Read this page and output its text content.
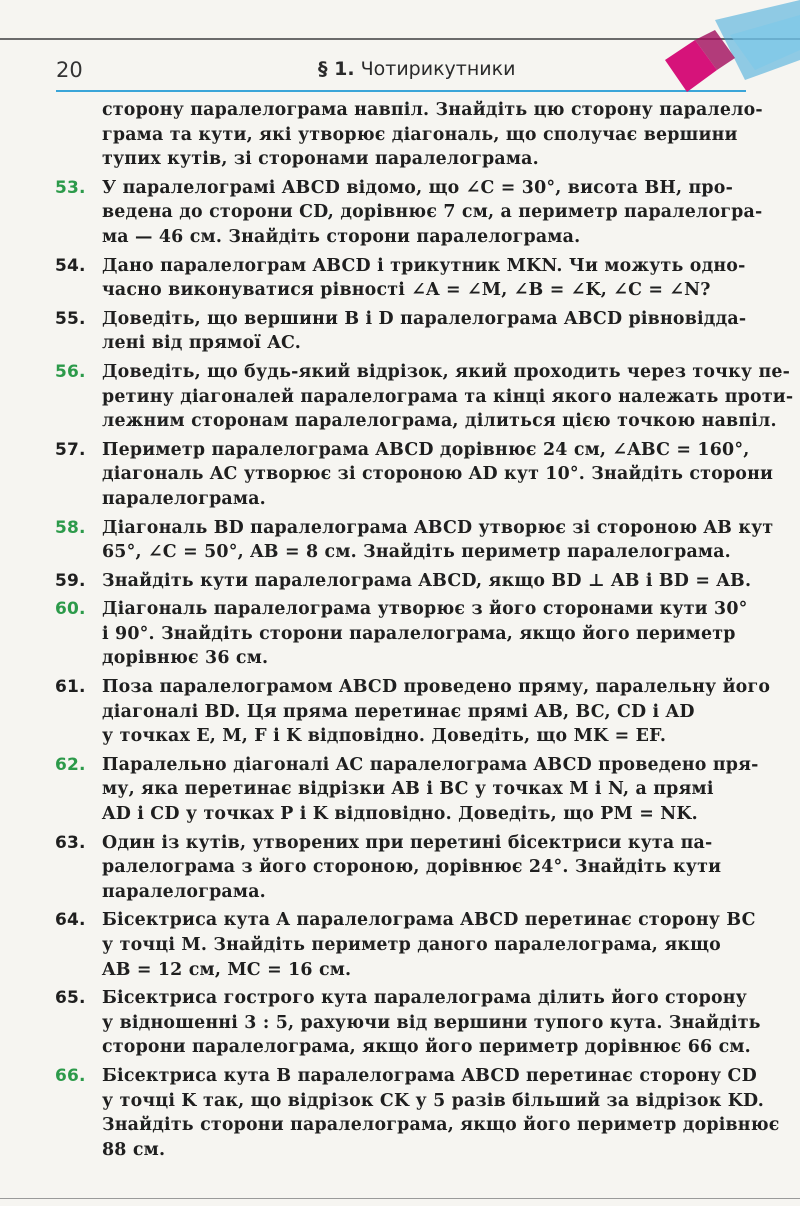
20	§ 1. Чотирикутники
сторону паралелограма навпіл. Знайдіть цю сторону паралело-
грама та кути, які утворює діагональ, що сполучає вершини
тупих кутів, зі сторонами паралелограма.
53. У паралелограмі ABCD відомо, що ∠C = 30°, висота BH, про-
ведена до сторони CD, дорівнює 7 см, а периметр паралелогра-
ма — 46 см. Знайдіть сторони паралелограма.
54. Дано паралелограм ABCD і трикутник MKN. Чи можуть одно-
часно виконуватися рівності ∠A = ∠M, ∠B = ∠K, ∠C = ∠N?
55. Доведіть, що вершини B і D паралелограма ABCD рівновідда-
лені від прямої AC.
56. Доведіть, що будь-який відрізок, який проходить через точку пе-
ретину діагоналей паралелограма та кінці якого належать проти-
лежним сторонам паралелограма, ділиться цією точкою навпіл.
57. Периметр паралелограма ABCD дорівнює 24 см, ∠ABC = 160°,
діагональ AC утворює зі стороною AD кут 10°. Знайдіть сторони
паралелограма.
58. Діагональ BD паралелограма ABCD утворює зі стороною AB кут
65°, ∠C = 50°, AB = 8 см. Знайдіть периметр паралелограма.
59. Знайдіть кути паралелограма ABCD, якщо BD ⊥ AB і BD = AB.
60. Діагональ паралелограма утворює з його сторонами кути 30°
і 90°. Знайдіть сторони паралелограма, якщо його периметр
дорівнює 36 см.
61. Поза паралелограмом ABCD проведено пряму, паралельну його
діагоналі BD. Ця пряма перетинає прямі AB, BC, CD і AD
у точках E, M, F і K відповідно. Доведіть, що MK = EF.
62. Паралельно діагоналі AC паралелограма ABCD проведено пря-
му, яка перетинає відрізки AB і BC у точках M і N, а прямі
AD і CD у точках P і K відповідно. Доведіть, що PM = NK.
63. Один із кутів, утворених при перетині бісектриси кута па-
ралелограма з його стороною, дорівнює 24°. Знайдіть кути
паралелограма.
64. Бісектриса кута A паралелограма ABCD перетинає сторону BC
у точці M. Знайдіть периметр даного паралелограма, якщо
AB = 12 см, MC = 16 см.
65. Бісектриса гострого кута паралелограма ділить його сторону
у відношенні 3 : 5, рахуючи від вершини тупого кута. Знайдіть
сторони паралелограма, якщо його периметр дорівнює 66 см.
66. Бісектриса кута B паралелограма ABCD перетинає сторону CD
у точці K так, що відрізок CK у 5 разів більший за відрізок KD.
Знайдіть сторони паралелограма, якщо його периметр дорівнює
88 см.
